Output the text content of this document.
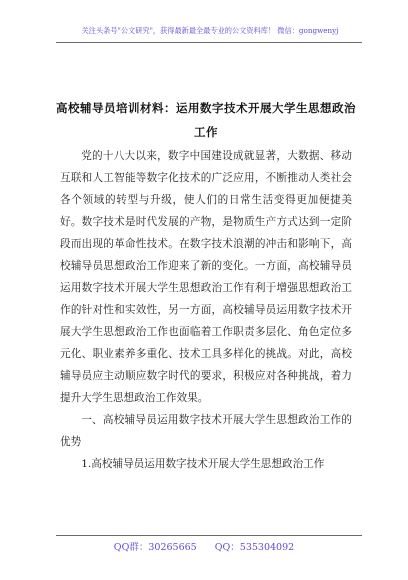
关注头条号"公文研究"，获得最新最全最专业的公文资料库！ 微信：gongwenyj
高校辅导员培训材料：运用数字技术开展大学生思想政治
工作

党的十八大以来，数字中国建设成就显著，大数据、移动互联和人工智能等数字化技术的广泛应用，不断推动人类社会各个领域的转型与升级，使人们的日常生活变得更加便捷美好。数字技术是时代发展的产物，是物质生产方式达到一定阶段而出现的革命性技术。在数字技术浪潮的冲击和影响下，高校辅导员思想政治工作迎来了新的变化。一方面，高校辅导员运用数字技术开展大学生思想政治工作有利于增强思想政治工作的针对性和实效性，另一方面，高校辅导员运用数字技术开展大学生思想政治工作也面临着工作职责多层化、角色定位多元化、职业素养多重化、技术工具多样化的挑战。对此，高校辅导员应主动顺应数字时代的要求，积极应对各种挑战，着力提升大学生思想政治工作效果。

一、高校辅导员运用数字技术开展大学生思想政治工作的优势

1.高校辅导员运用数字技术开展大学生思想政治工作

QQ群：30265665 QQ：535304092
